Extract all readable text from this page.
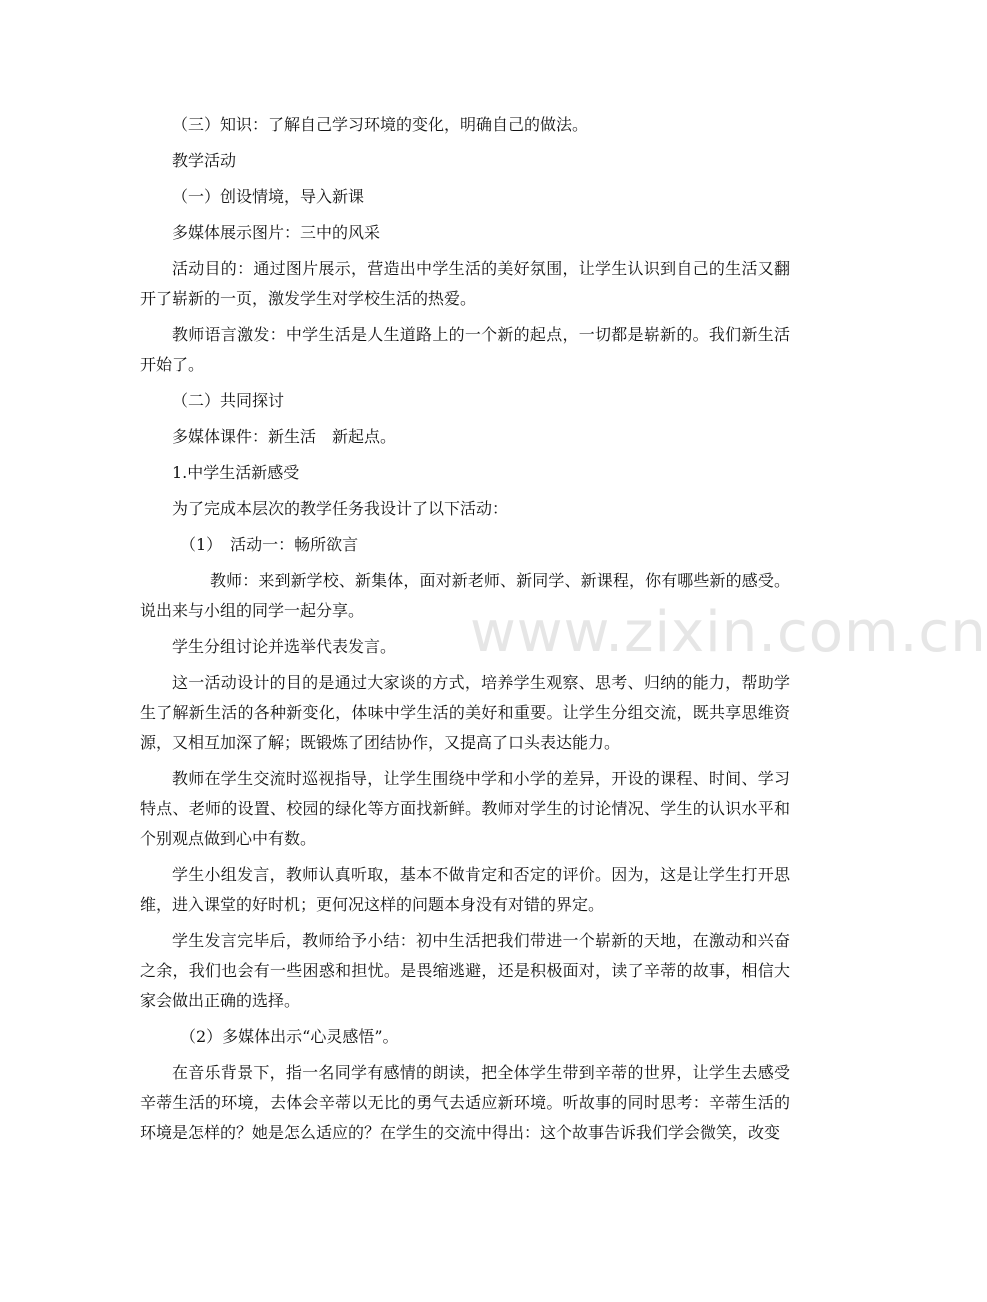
www.zixin.com.cn

（三）知识：了解自己学习环境的变化，明确自己的做法。

教学活动

（一）创设情境，导入新课

多媒体展示图片：三中的风采

活动目的：通过图片展示，营造出中学生活的美好氛围，让学生认识到自己的生活又翻开了崭新的一页，激发学生对学校生活的热爱。

教师语言激发：中学生活是人生道路上的一个新的起点，一切都是崭新的。我们新生活开始了。

（二）共同探讨

多媒体课件：新生活　新起点。

1.中学生活新感受

为了完成本层次的教学任务我设计了以下活动：

（1）　活动一：畅所欲言

教师：来到新学校、新集体，面对新老师、新同学、新课程，你有哪些新的感受。说出来与小组的同学一起分享。

学生分组讨论并选举代表发言。

这一活动设计的目的是通过大家谈的方式，培养学生观察、思考、归纳的能力，帮助学生了解新生活的各种新变化，体味中学生活的美好和重要。让学生分组交流，既共享思维资源，又相互加深了解；既锻炼了团结协作，又提高了口头表达能力。

教师在学生交流时巡视指导，让学生围绕中学和小学的差异，开设的课程、时间、学习特点、老师的设置、校园的绿化等方面找新鲜。教师对学生的讨论情况、学生的认识水平和个别观点做到心中有数。

学生小组发言，教师认真听取，基本不做肯定和否定的评价。因为，这是让学生打开思维，进入课堂的好时机；更何况这样的问题本身没有对错的界定。

学生发言完毕后，教师给予小结：初中生活把我们带进一个崭新的天地，在激动和兴奋之余，我们也会有一些困惑和担忧。是畏缩逃避，还是积极面对，读了辛蒂的故事，相信大家会做出正确的选择。

（2）多媒体出示“心灵感悟”。

在音乐背景下，指一名同学有感情的朗读，把全体学生带到辛蒂的世界，让学生去感受辛蒂生活的环境，去体会辛蒂以无比的勇气去适应新环境。听故事的同时思考：辛蒂生活的环境是怎样的？她是怎么适应的？在学生的交流中得出：这个故事告诉我们学会微笑，改变
